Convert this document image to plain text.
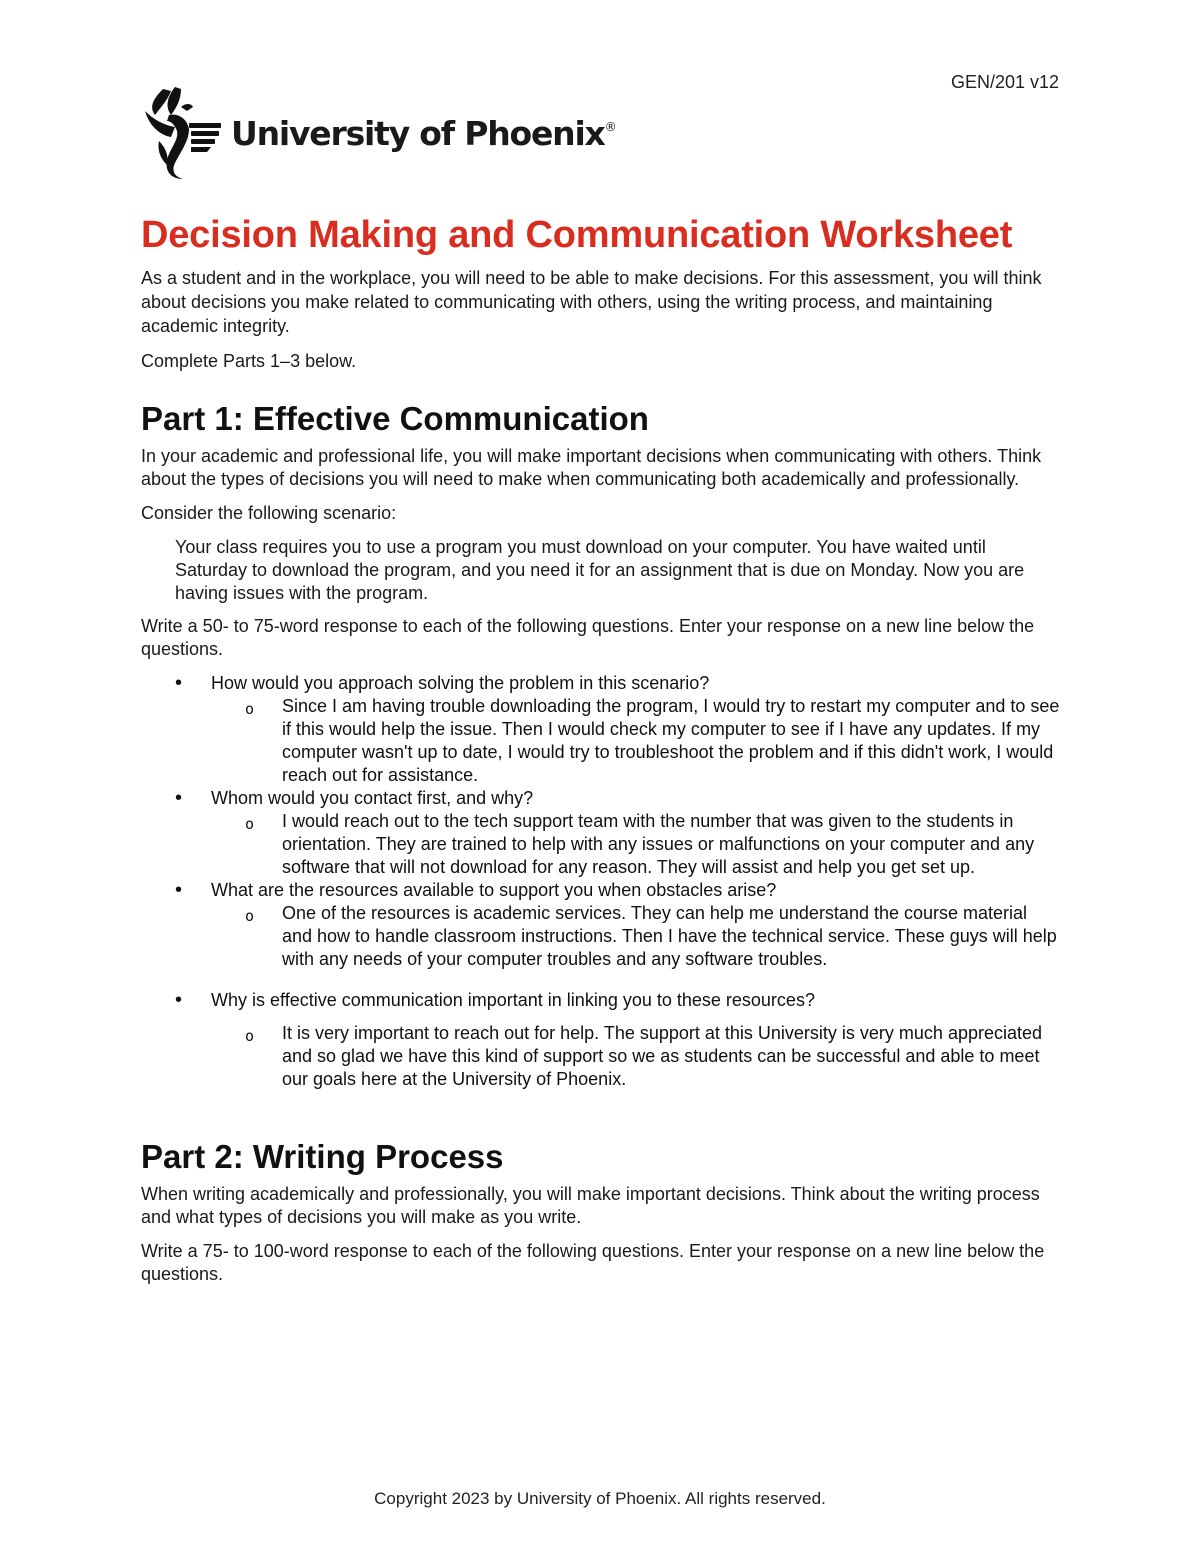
GEN/201 v12
University of Phoenix®
Decision Making and Communication Worksheet

As a student and in the workplace, you will need to be able to make decisions. For this assessment, you will think about decisions you make related to communicating with others, using the writing process, and maintaining academic integrity.

Complete Parts 1–3 below.

Part 1: Effective Communication

In your academic and professional life, you will make important decisions when communicating with others. Think about the types of decisions you will need to make when communicating both academically and professionally.

Consider the following scenario:

Your class requires you to use a program you must download on your computer. You have waited until Saturday to download the program, and you need it for an assignment that is due on Monday. Now you are having issues with the program.

Write a 50- to 75-word response to each of the following questions. Enter your response on a new line below the questions.

• How would you approach solving the problem in this scenario?
o Since I am having trouble downloading the program, I would try to restart my computer and to see if this would help the issue. Then I would check my computer to see if I have any updates. If my computer wasn't up to date, I would try to troubleshoot the problem and if this didn't work, I would reach out for assistance.
• Whom would you contact first, and why?
o I would reach out to the tech support team with the number that was given to the students in orientation. They are trained to help with any issues or malfunctions on your computer and any software that will not download for any reason. They will assist and help you get set up.
• What are the resources available to support you when obstacles arise?
o One of the resources is academic services. They can help me understand the course material and how to handle classroom instructions. Then I have the technical service. These guys will help with any needs of your computer troubles and any software troubles.
• Why is effective communication important in linking you to these resources?
o It is very important to reach out for help. The support at this University is very much appreciated and so glad we have this kind of support so we as students can be successful and able to meet our goals here at the University of Phoenix.
Part 2: Writing Process

When writing academically and professionally, you will make important decisions. Think about the writing process and what types of decisions you will make as you write.

Write a 75- to 100-word response to each of the following questions. Enter your response on a new line below the questions.

Copyright 2023 by University of Phoenix. All rights reserved.
